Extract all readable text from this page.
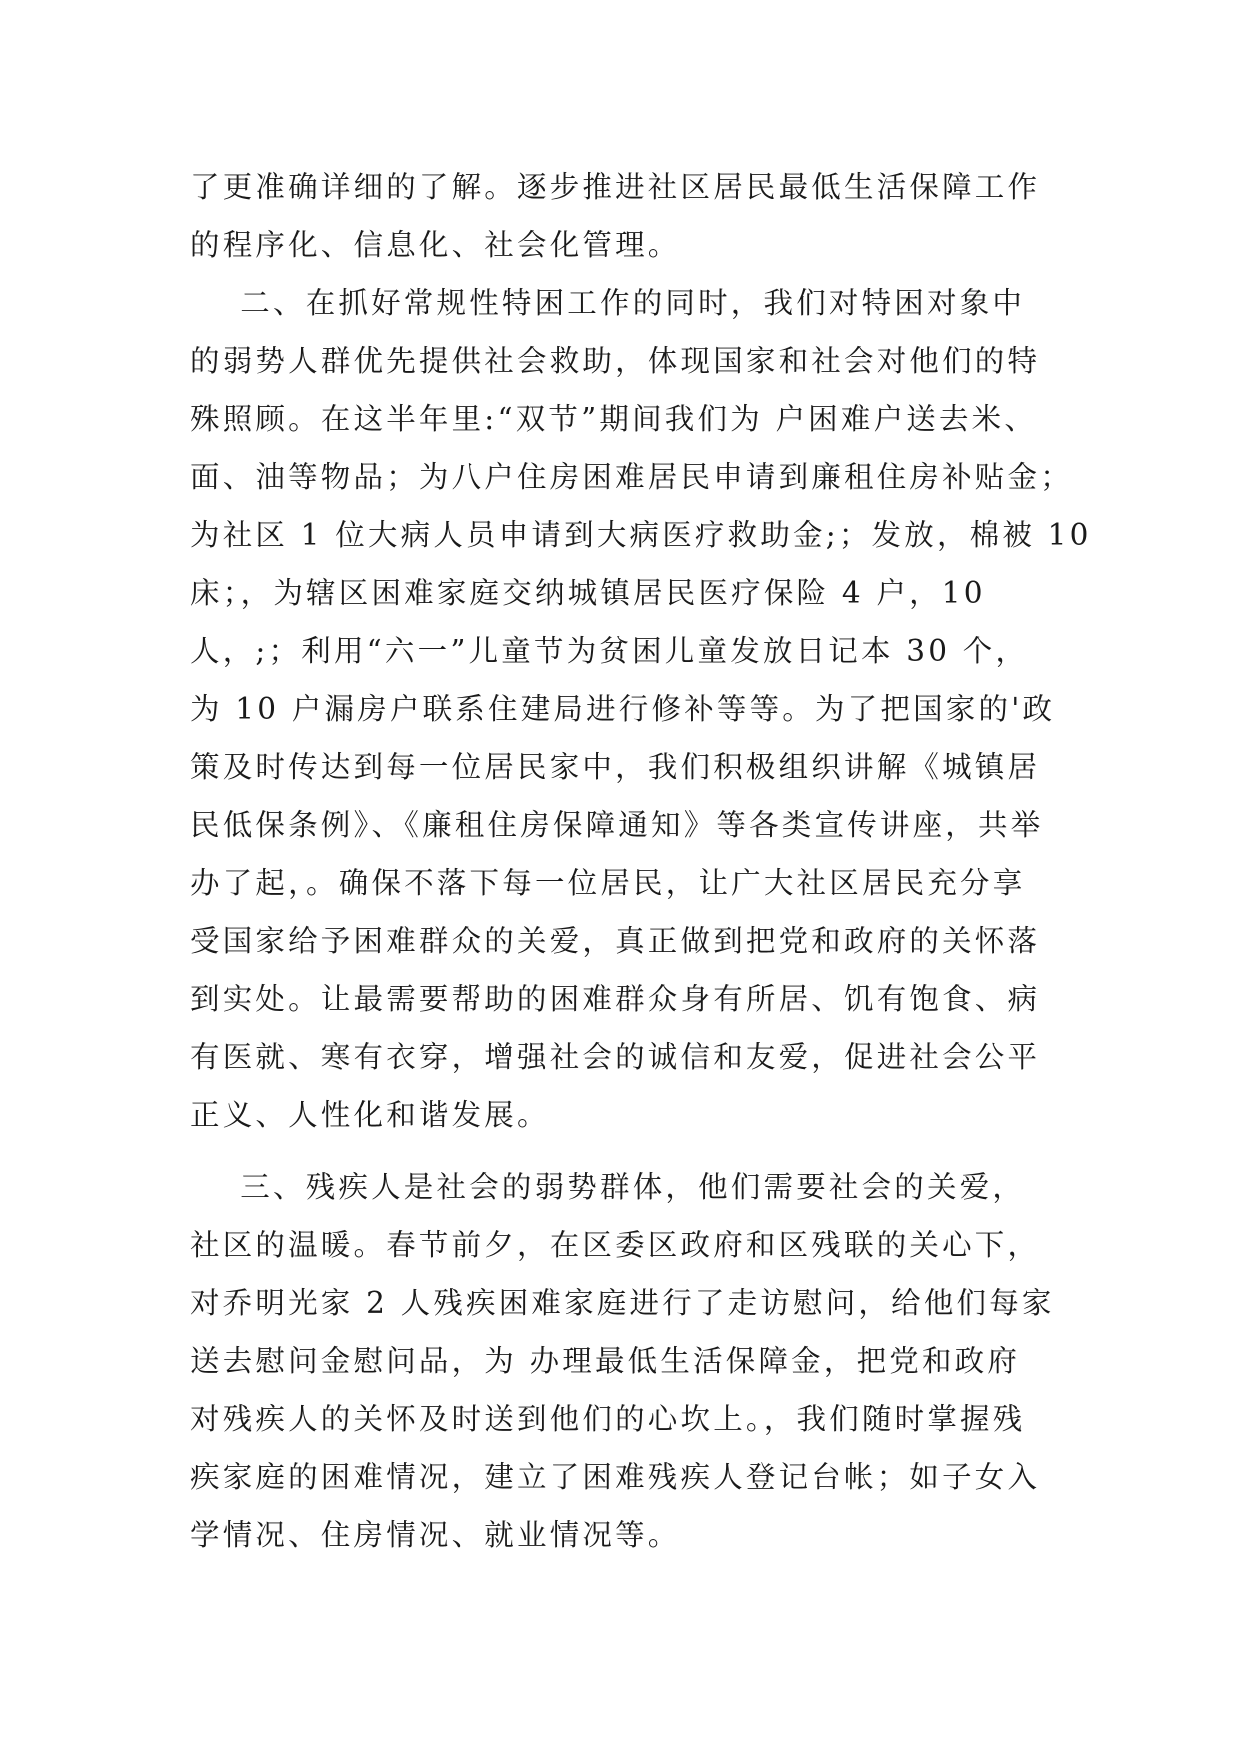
了更准确详细的了解。逐步推进社区居民最低生活保障工作
的程序化、信息化、社会化管理。
二、在抓好常规性特困工作的同时，我们对特困对象中
的弱势人群优先提供社会救助，体现国家和社会对他们的特
殊照顾。在这半年里:“双节”期间我们为 户困难户送去米、
面、油等物品；为八户住房困难居民申请到廉租住房补贴金；
为社区 1 位大病人员申请到大病医疗救助金;；发放，棉被 10
床；，为辖区困难家庭交纳城镇居民医疗保险 4 户，10
人，;；利用“六一”儿童节为贫困儿童发放日记本 30 个，
为 10 户漏房户联系住建局进行修补等等。为了把国家的'政
策及时传达到每一位居民家中，我们积极组织讲解《城镇居
民低保条例》、《廉租住房保障通知》等各类宣传讲座，共举
办了起，。确保不落下每一位居民，让广大社区居民充分享
受国家给予困难群众的关爱，真正做到把党和政府的关怀落
到实处。让最需要帮助的困难群众身有所居、饥有饱食、病
有医就、寒有衣穿，增强社会的诚信和友爱，促进社会公平
正义、人性化和谐发展。
三、残疾人是社会的弱势群体，他们需要社会的关爱，
社区的温暖。春节前夕，在区委区政府和区残联的关心下，
对乔明光家 2 人残疾困难家庭进行了走访慰问，给他们每家
送去慰问金慰问品，为 办理最低生活保障金，把党和政府
对残疾人的关怀及时送到他们的心坎上。，我们随时掌握残
疾家庭的困难情况，建立了困难残疾人登记台帐；如子女入
学情况、住房情况、就业情况等。
